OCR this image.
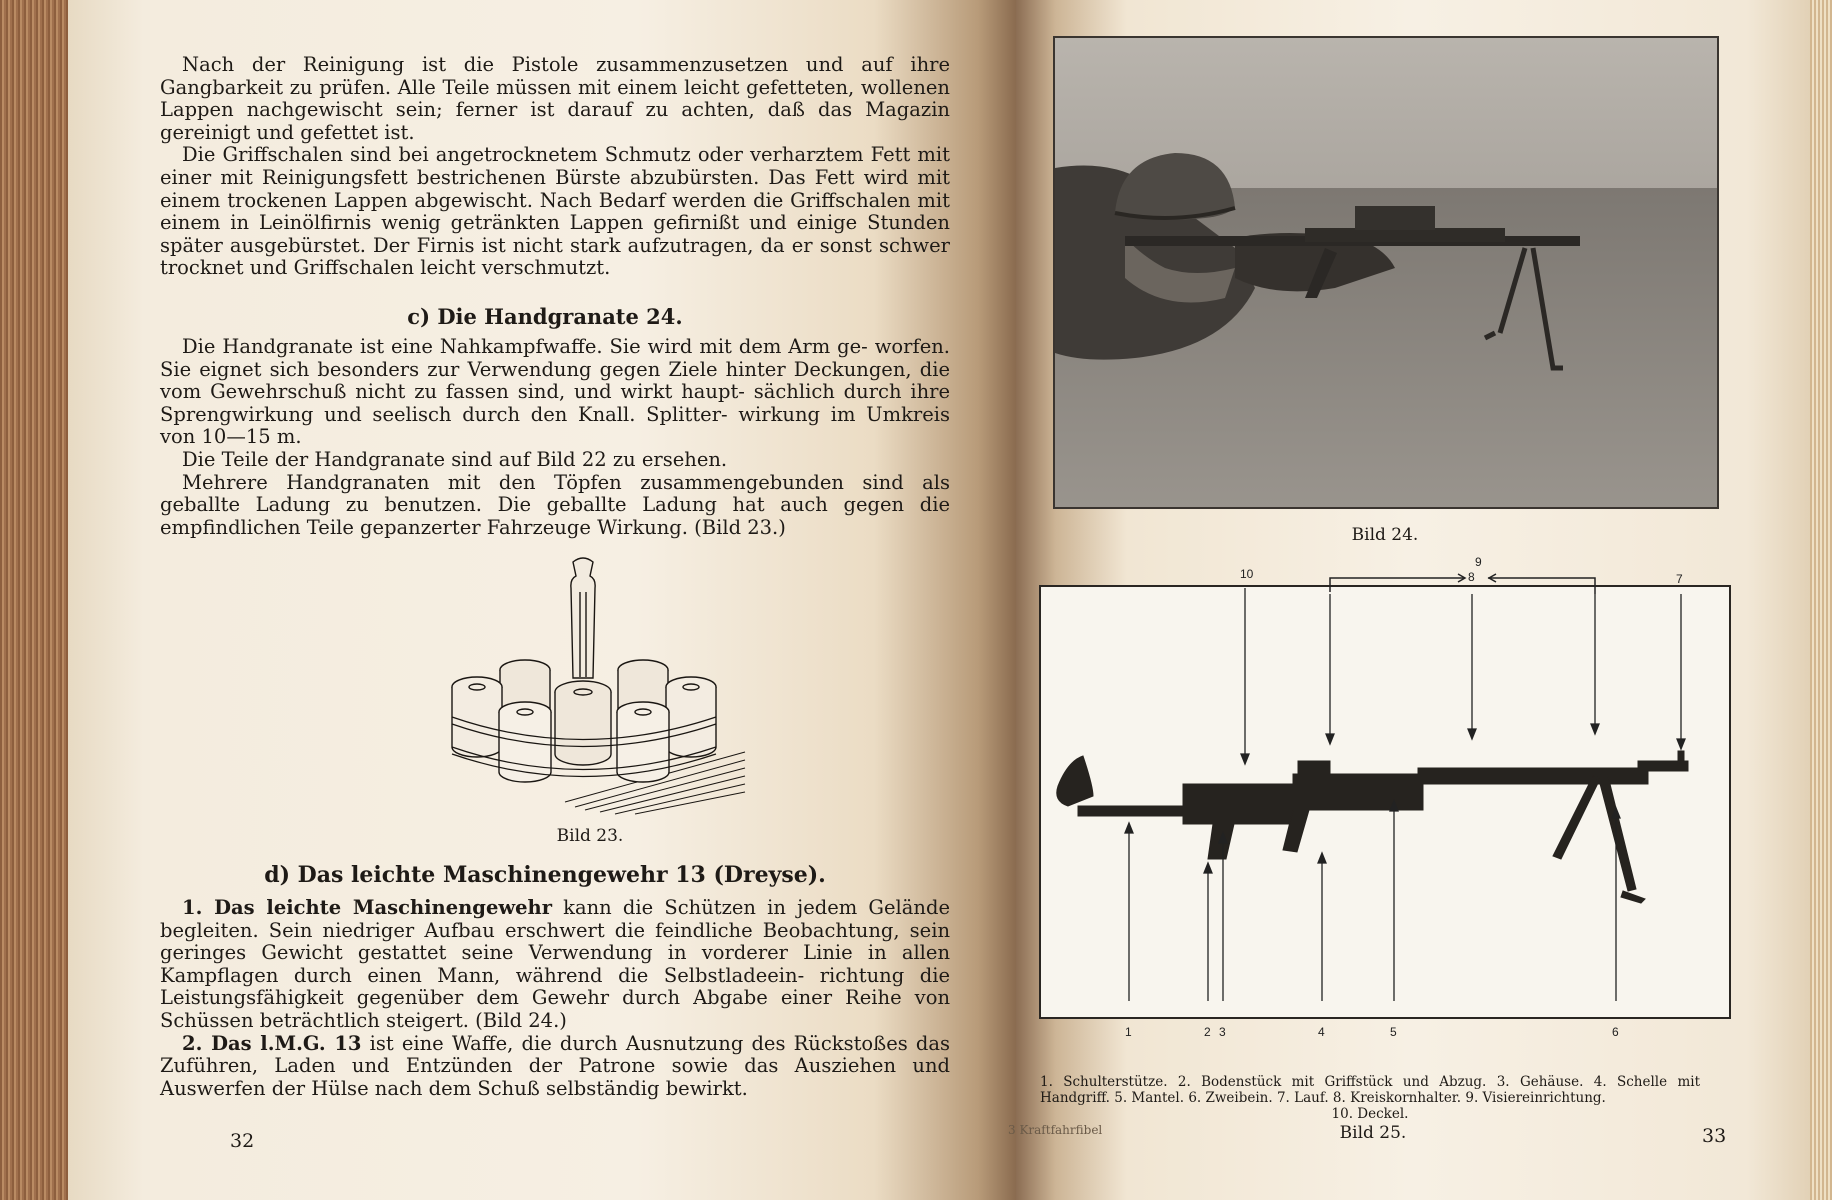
Nach der Reinigung ist die Pistole zusammenzusetzen und auf ihre Gangbarkeit zu prüfen. Alle Teile müssen mit einem leicht gefetteten, wollenen Lappen nachgewischt sein; ferner ist darauf zu achten, daß das Magazin gereinigt und gefettet ist.

Die Griffschalen sind bei angetrocknetem Schmutz oder verharztem Fett mit einer mit Reinigungsfett bestrichenen Bürste abzubürsten. Das Fett wird mit einem trockenen Lappen abgewischt. Nach Bedarf werden die Griffschalen mit einem in Leinölfirnis wenig getränkten Lappen gefirnißt und einige Stunden später ausgebürstet. Der Firnis ist nicht stark aufzutragen, da er sonst schwer trocknet und Griffschalen leicht verschmutzt.

c) Die Handgranate 24.

Die Handgranate ist eine Nahkampfwaffe. Sie wird mit dem Arm ge- worfen. Sie eignet sich besonders zur Verwendung gegen Ziele hinter Deckungen, die vom Gewehrschuß nicht zu fassen sind, und wirkt haupt- sächlich durch ihre Sprengwirkung und seelisch durch den Knall. Splitter- wirkung im Umkreis von 10—15 m.

Die Teile der Handgranate sind auf Bild 22 zu ersehen.

Mehrere Handgranaten mit den Töpfen zusammengebunden sind als geballte Ladung zu benutzen. Die geballte Ladung hat auch gegen die empfindlichen Teile gepanzerter Fahrzeuge Wirkung. (Bild 23.)

Bild 23.

d) Das leichte Maschinengewehr 13 (Dreyse).

1. Das leichte Maschinengewehr kann die Schützen in jedem Gelände begleiten. Sein niedriger Aufbau erschwert die feindliche Beobachtung, sein geringes Gewicht gestattet seine Verwendung in vorderer Linie in allen Kampflagen durch einen Mann, während die Selbstladeein- richtung die Leistungsfähigkeit gegenüber dem Gewehr durch Abgabe einer Reihe von Schüssen beträchtlich steigert. (Bild 24.)

2. Das l.M.G. 13 ist eine Waffe, die durch Ausnutzung des Rückstoßes das Zuführen, Laden und Entzünden der Patrone sowie das Ausziehen und Auswerfen der Hülse nach dem Schuß selbständig bewirkt.

32

Bild 24.

10
9
8	7
1	2 3	4	5	6

1. Schulterstütze. 2. Bodenstück mit Griffstück und Abzug. 3. Gehäuse. 4. Schelle mit Handgriff. 5. Mantel. 6. Zweibein. 7. Lauf. 8. Kreiskornhalter. 9. Visiereinrichtung.
10. Deckel.

3 Kraftfahrfibel	Bild 25.	33
